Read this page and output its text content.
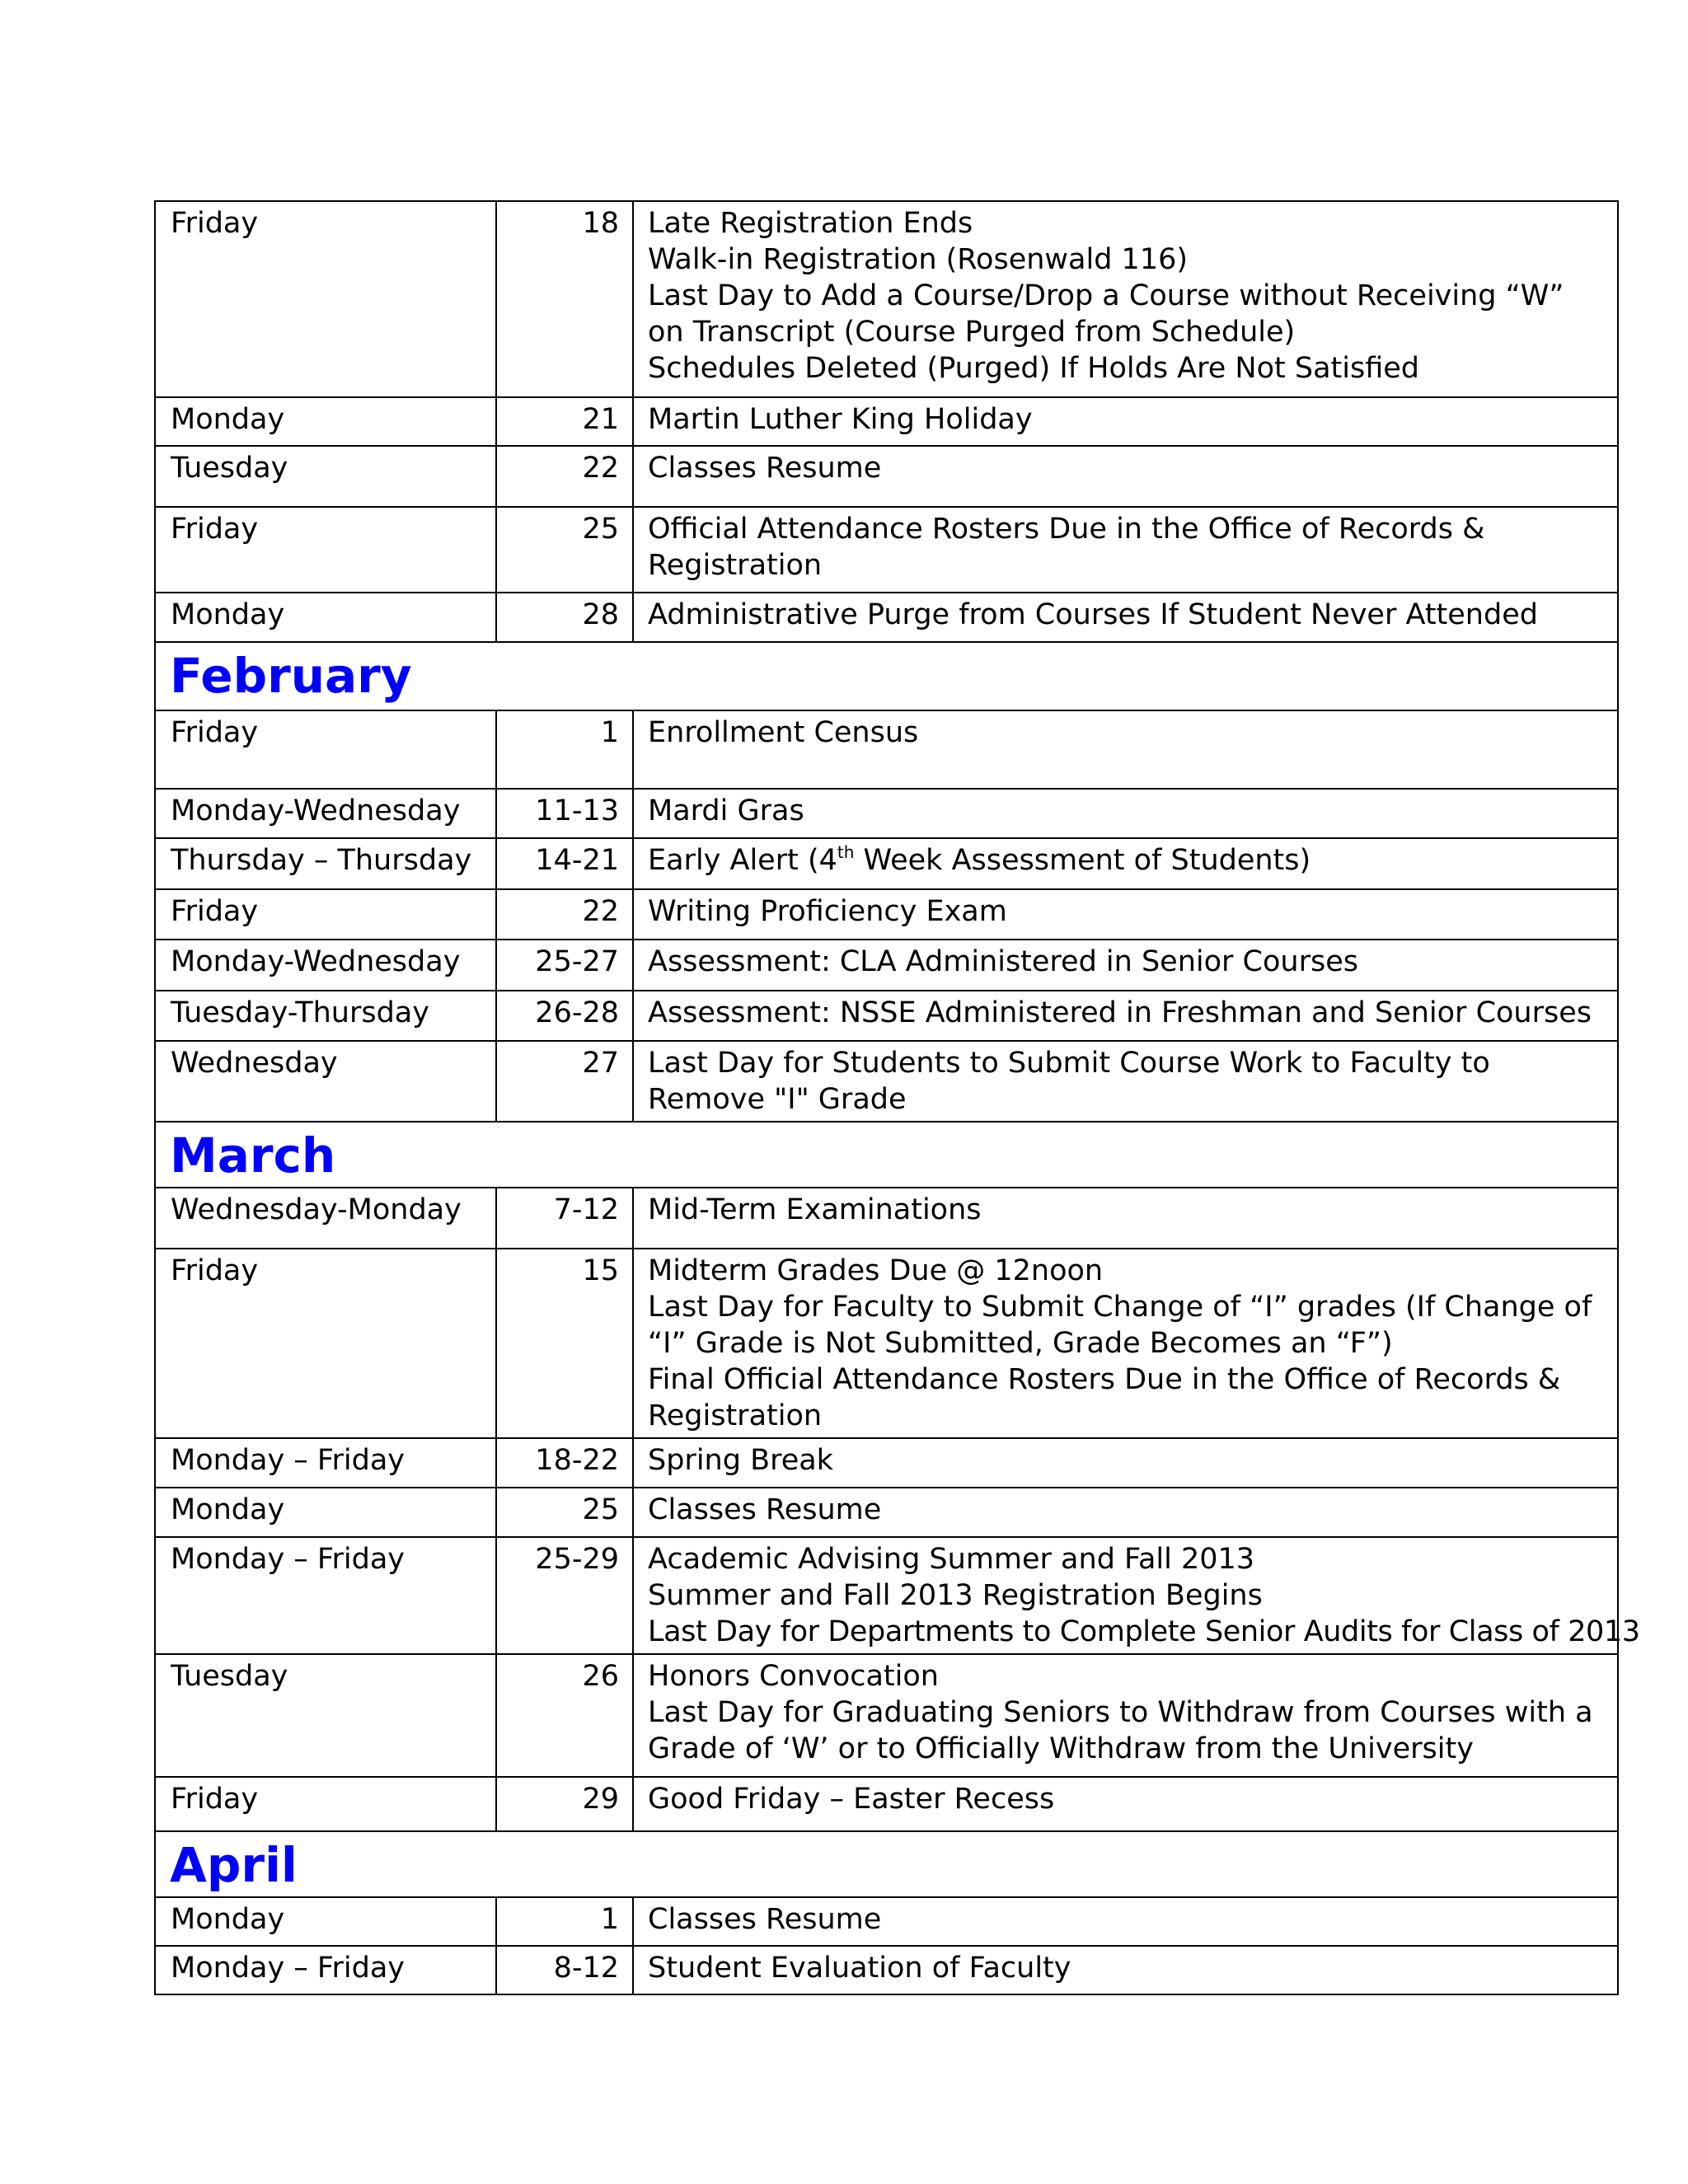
Friday	18	Late Registration Ends
Walk-in Registration (Rosenwald 116)
Last Day to Add a Course/Drop a Course without Receiving “W” on Transcript (Course Purged from Schedule)
Schedules Deleted (Purged) If Holds Are Not Satisfied

Monday	21	Martin Luther King Holiday

Tuesday	22	Classes Resume

Friday	25	Official Attendance Rosters Due in the Office of Records & Registration

Monday	28	Administrative Purge from Courses If Student Never Attended

February		

Friday	1	Enrollment Census

Monday-Wednesday	11-13	Mardi Gras

Thursday – Thursday	14-21	Early Alert (4th Week Assessment of Students)

Friday	22	Writing Proficiency Exam

Monday-Wednesday	25-27	Assessment: CLA Administered in Senior Courses

Tuesday-Thursday	26-28	Assessment: NSSE Administered in Freshman and Senior Courses

Wednesday	27	Last Day for Students to Submit Course Work to Faculty to Remove "I" Grade

March		

Wednesday-Monday	7-12	Mid-Term Examinations

Friday	15	Midterm Grades Due @ 12noon
Last Day for Faculty to Submit Change of “I” grades (If Change of “I” Grade is Not Submitted, Grade Becomes an “F”)
Final Official Attendance Rosters Due in the Office of Records & Registration

Monday – Friday	18-22	Spring Break

Monday	25	Classes Resume

Monday – Friday	25-29	Academic Advising Summer and Fall 2013
Summer and Fall 2013 Registration Begins
Last Day for Departments to Complete Senior Audits for Class of 2013

Tuesday	26	Honors Convocation
Last Day for Graduating Seniors to Withdraw from Courses with a Grade of ‘W’ or to Officially Withdraw from the University

Friday	29	Good Friday – Easter Recess

April		

Monday	1	Classes Resume

Monday – Friday	8-12	Student Evaluation of Faculty
